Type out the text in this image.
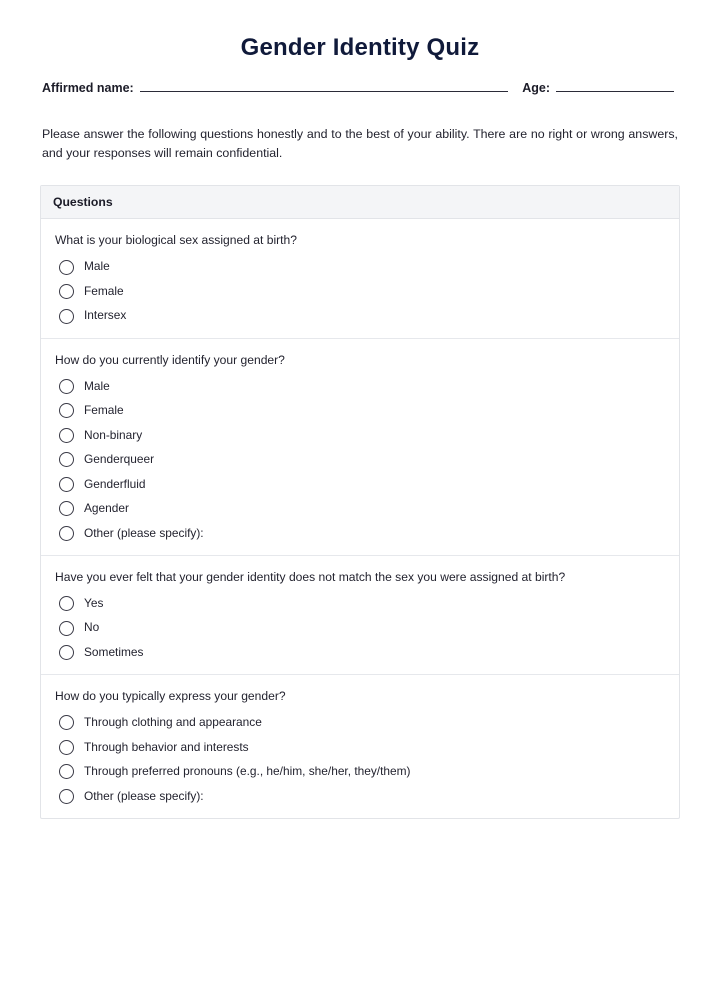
Gender Identity Quiz
Affirmed name:	Age:
Please answer the following questions honestly and to the best of your ability. There are no right or wrong answers, and your responses will remain confidential.
Questions
What is your biological sex assigned at birth?
Male
Female
Intersex
How do you currently identify your gender?
Male
Female
Non-binary
Genderqueer
Genderfluid
Agender
Other (please specify):
Have you ever felt that your gender identity does not match the sex you were assigned at birth?
Yes
No
Sometimes
How do you typically express your gender?
Through clothing and appearance
Through behavior and interests
Through preferred pronouns (e.g., he/him, she/her, they/them)
Other (please specify):
